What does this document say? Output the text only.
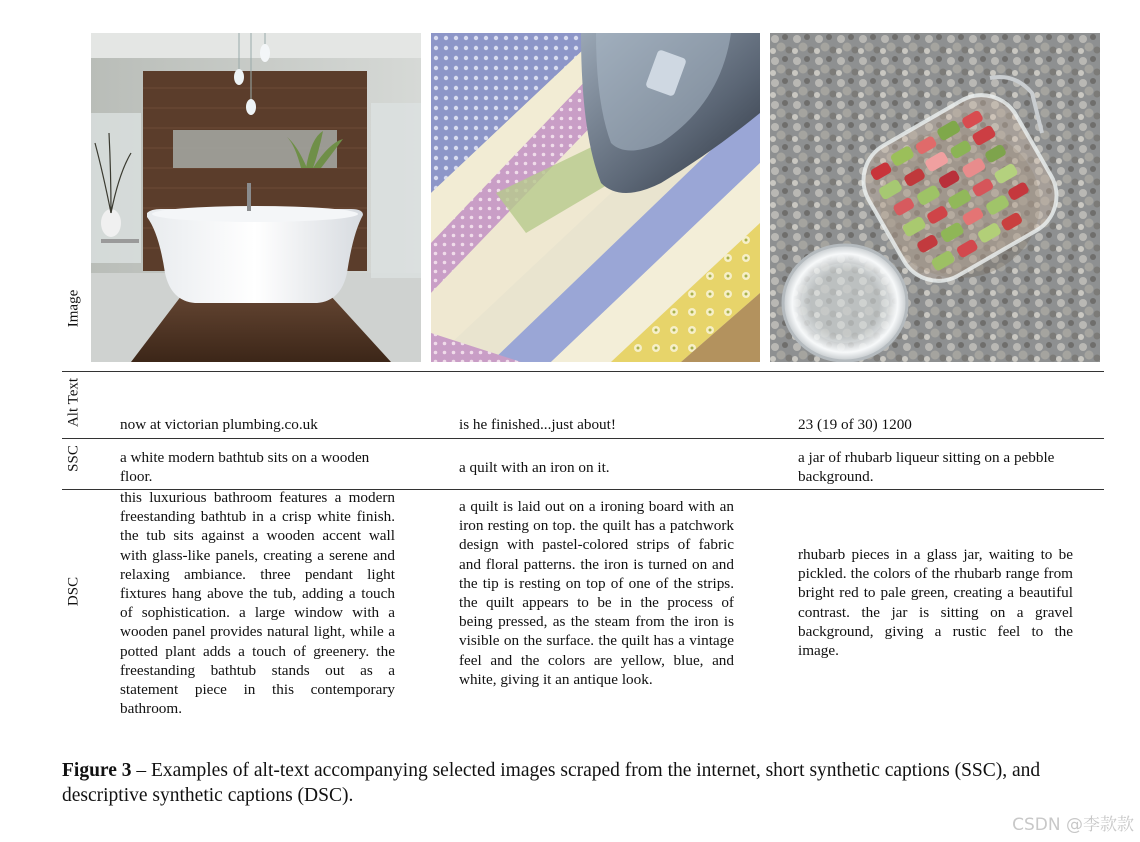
Image
Alt Text
SSC
DSC
now at victorian plumbing.co.uk	is he finished...just about!	23 (19 of 30) 1200
a white modern bathtub sits on a wooden floor.
a quilt with an iron on it.
a jar of rhubarb liqueur sitting on a pebble background.
this luxurious bathroom features a modern freestanding bathtub in a crisp white finish. the tub sits against a wooden accent wall with glass-like panels, creating a serene and relaxing ambiance. three pendant light fixtures hang above the tub, adding a touch of sophistication. a large window with a wooden panel provides natural light, while a potted plant adds a touch of greenery. the freestanding bathtub stands out as a statement piece in this contemporary bathroom.
a quilt is laid out on a ironing board with an iron resting on top. the quilt has a patchwork design with pastel-colored strips of fabric and floral patterns. the iron is turned on and the tip is resting on top of one of the strips. the quilt appears to be in the process of being pressed, as the steam from the iron is visible on the surface. the quilt has a vintage feel and the colors are yellow, blue, and white, giving it an antique look.
rhubarb pieces in a glass jar, waiting to be pickled. the colors of the rhubarb range from bright red to pale green, creating a beautiful contrast. the jar is sitting on a gravel background, giving a rustic feel to the image.
Figure 3 – Examples of alt-text accompanying selected images scraped from the internet, short synthetic captions (SSC), and descriptive synthetic captions (DSC).
CSDN @李款款
